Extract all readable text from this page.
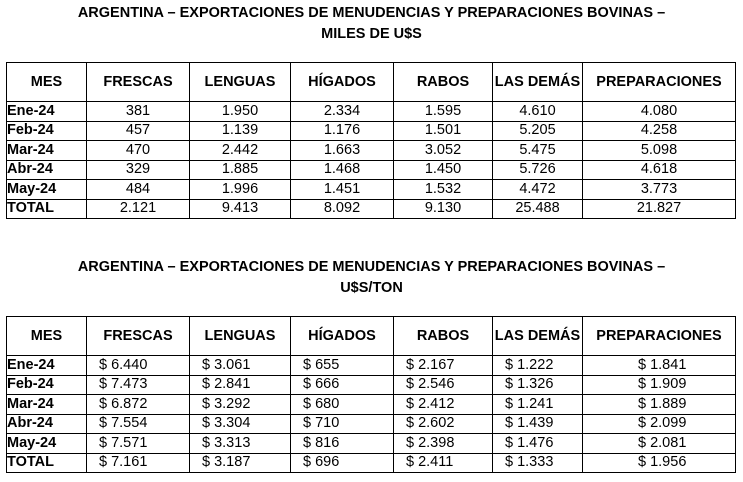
ARGENTINA – EXPORTACIONES DE MENUDENCIAS Y PREPARACIONES BOVINAS –
MILES DE U$S
MES	FRESCAS	LENGUAS	HÍGADOS	RABOS	LAS DEMÁS	PREPARACIONES
Ene-24	381	1.950	2.334	1.595	4.610	4.080
Feb-24	457	1.139	1.176	1.501	5.205	4.258
Mar-24	470	2.442	1.663	3.052	5.475	5.098
Abr-24	329	1.885	1.468	1.450	5.726	4.618
May-24	484	1.996	1.451	1.532	4.472	3.773
TOTAL	2.121	9.413	8.092	9.130	25.488	21.827
ARGENTINA – EXPORTACIONES DE MENUDENCIAS Y PREPARACIONES BOVINAS –
U$S/TON
MES	FRESCAS	LENGUAS	HÍGADOS	RABOS	LAS DEMÁS	PREPARACIONES
Ene-24	$ 6.440	$ 3.061	$ 655	$ 2.167	$ 1.222	$ 1.841
Feb-24	$ 7.473	$ 2.841	$ 666	$ 2.546	$ 1.326	$ 1.909
Mar-24	$ 6.872	$ 3.292	$ 680	$ 2.412	$ 1.241	$ 1.889
Abr-24	$ 7.554	$ 3.304	$ 710	$ 2.602	$ 1.439	$ 2.099
May-24	$ 7.571	$ 3.313	$ 816	$ 2.398	$ 1.476	$ 2.081
TOTAL	$ 7.161	$ 3.187	$ 696	$ 2.411	$ 1.333	$ 1.956
